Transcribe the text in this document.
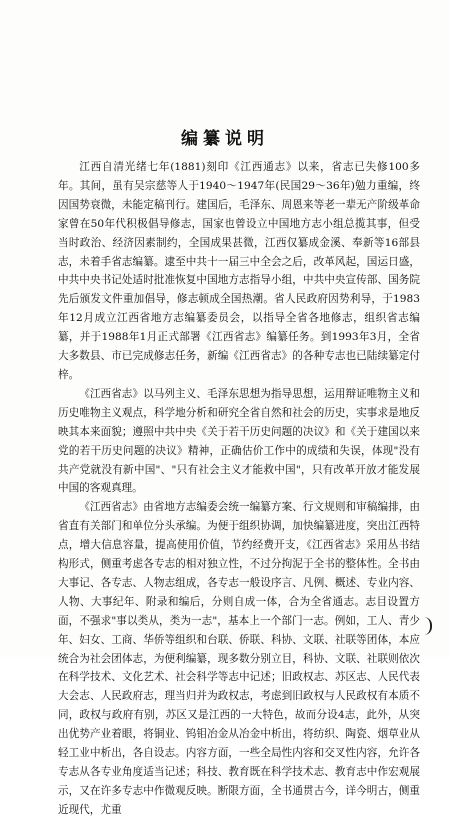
编纂说明

江西自清光绪七年(1881)刻印《江西通志》以来，省志已失修100多年。其间，虽有吴宗慈等人于1940～1947年(民国29～36年)勉力重编，终因国势衰微，未能定稿刊行。建国后，毛泽东、周恩来等老一辈无产阶级革命家曾在50年代积极倡导修志，国家也曾设立中国地方志小组总揽其事，但受当时政治、经济因素制约，全国成果甚微，江西仅纂成金溪、奉新等16部县志，未着手省志编纂。逮至中共十一届三中全会之后，改革风起，国运日盛，中共中央书记处适时批准恢复中国地方志指导小组，中共中央宣传部、国务院先后颁发文件重加倡导，修志顿成全国热潮。省人民政府因势利导，于1983年12月成立江西省地方志编纂委员会，以指导全省各地修志，组织省志编纂，并于1988年1月正式部署《江西省志》编纂任务。到1993年3月，全省大多数县、市已完成修志任务，新编《江西省志》的各种专志也已陆续纂定付梓。

《江西省志》以马列主义、毛泽东思想为指导思想，运用辩证唯物主义和历史唯物主义观点，科学地分析和研究全省自然和社会的历史，实事求是地反映其本来面貌；遵照中共中央《关于若干历史问题的决议》和《关于建国以来党的若干历史问题的决议》精神，正确估价工作中的成绩和失误，体现"没有共产党就没有新中国"、"只有社会主义才能救中国"，只有改革开放才能发展中国的客观真理。

《江西省志》由省地方志编委会统一编纂方案、行文规则和审稿编排，由省直有关部门和单位分头承编。为便于组织协调，加快编纂进度，突出江西特点，增大信息容量，提高使用价值，节约经费开支，《江西省志》采用丛书结构形式，侧重考虑各专志的相对独立性，不过分拘泥于全书的整体性。全书由大事记、各专志、人物志组成，各专志一般设序言、凡例、概述、专业内容、人物、大事纪年、附录和编后，分则自成一体，合为全省通志。志目设置方面，不强求"事以类从，类为一志"，基本上一个部门一志。例如，工人、青少年、妇女、工商、华侨等组织和台联、侨联、科协、文联、社联等团体，本应统合为社会团体志，为便利编纂，现多数分别立目，科协、文联、社联则依次在科学技术、文化艺术、社会科学等志中记述；旧政权志、苏区志、人民代表大会志、人民政府志，理当归并为政权志，考虑到旧政权与人民政权有本质不同，政权与政府有别，苏区又是江西的一大特色，故而分设4志，此外，从突出优势产业着眼，将铜业、钨钼冶金从冶金中析出，将纺织、陶瓷、烟草业从轻工业中析出，各自设志。内容方面，一些全局性内容和交叉性内容，允许各专志从各专业角度适当记述；科技、教育既在科学技术志、教育志中作宏观展示，又在许多专志中作微观反映。断限方面，全书通贯古今，详今明古，侧重近现代，尤重
